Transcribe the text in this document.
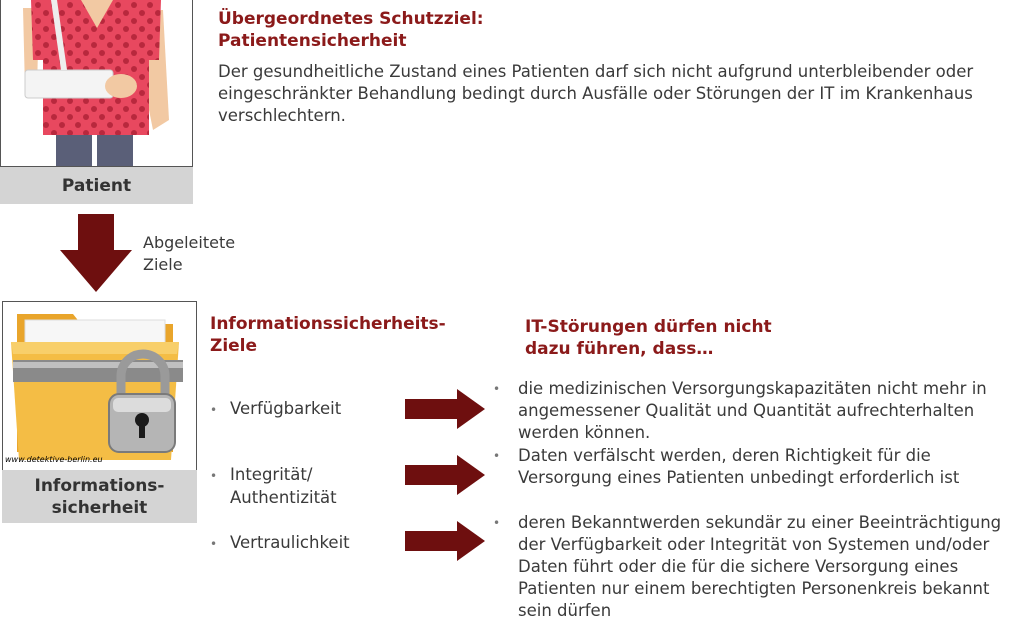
Patient
Übergeordnetes Schutzziel:
Patientensicherheit
Der gesundheitliche Zustand eines Patienten darf sich nicht aufgrund unterbleibender oder eingeschränkter Behandlung bedingt durch Ausfälle oder Störungen der IT im Krankenhaus verschlechtern.
Abgeleitete
Ziele
www.detektive-berlin.eu
Informations-
sicherheit
Informationssicherheits-
Ziele
• Verfügbarkeit
• Integrität/
Authentizität
• Vertraulichkeit
IT-Störungen dürfen nicht
dazu führen, dass…
• die medizinischen Versorgungskapazitäten nicht mehr in angemessener Qualität und Quantität aufrechterhalten werden können.
• Daten verfälscht werden, deren Richtigkeit für die Versorgung eines Patienten unbedingt erforderlich ist
• deren Bekanntwerden sekundär zu einer Beeinträchtigung der Verfügbarkeit oder Integrität von Systemen und/oder Daten führt oder die für die sichere Versorgung eines Patienten nur einem berechtigten Personenkreis bekannt sein dürfen
